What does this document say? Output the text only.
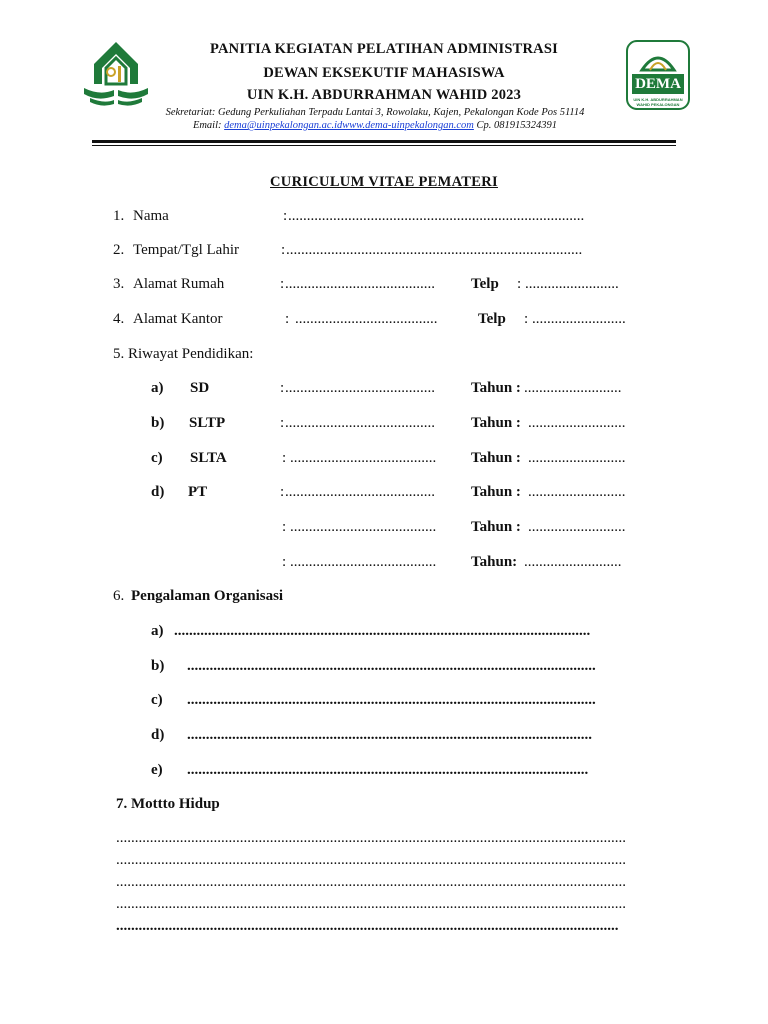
DEMA
UIN K.H. ABDURRAHMAN WAHID PEKALONGAN
PANITIA KEGIATAN PELATIHAN ADMINISTRASI
DEWAN EKSEKUTIF MAHASISWA
UIN K.H. ABDURRAHMAN WAHID 2023
Sekretariat: Gedung Perkuliahan Terpadu Lantai 3, Rowolaku, Kajen, Pekalongan Kode Pos 51114
Email: dema@uinpekalongan.ac.idwww.dema-uinpekalongan.com Cp. 081915324391
CURICULUM VITAE PEMATERI
1. Nama	: ...............................................................................
2. Tempat/Tgl Lahir	: ...............................................................................
3. Alamat Rumah	: ........................................	Telp : .........................
4. Alamat Kantor	: ......................................	Telp : .........................
5. Riwayat Pendidikan:
a) SD	: ........................................	Tahun : ..........................
b) SLTP	: ........................................	Tahun : ..........................
c) SLTA	: .......................................	Tahun : ..........................
d) PT	: ........................................	Tahun : ..........................
: .......................................	Tahun : ..........................
: .......................................	Tahun: ..........................
6. Pengalaman Organisasi
a) ...............................................................................................................
b) .............................................................................................................
c) .............................................................................................................
d) ............................................................................................................
e) ...........................................................................................................
7. Mottto Hidup
........................................................................................................................................
........................................................................................................................................
........................................................................................................................................
........................................................................................................................................
......................................................................................................................................
